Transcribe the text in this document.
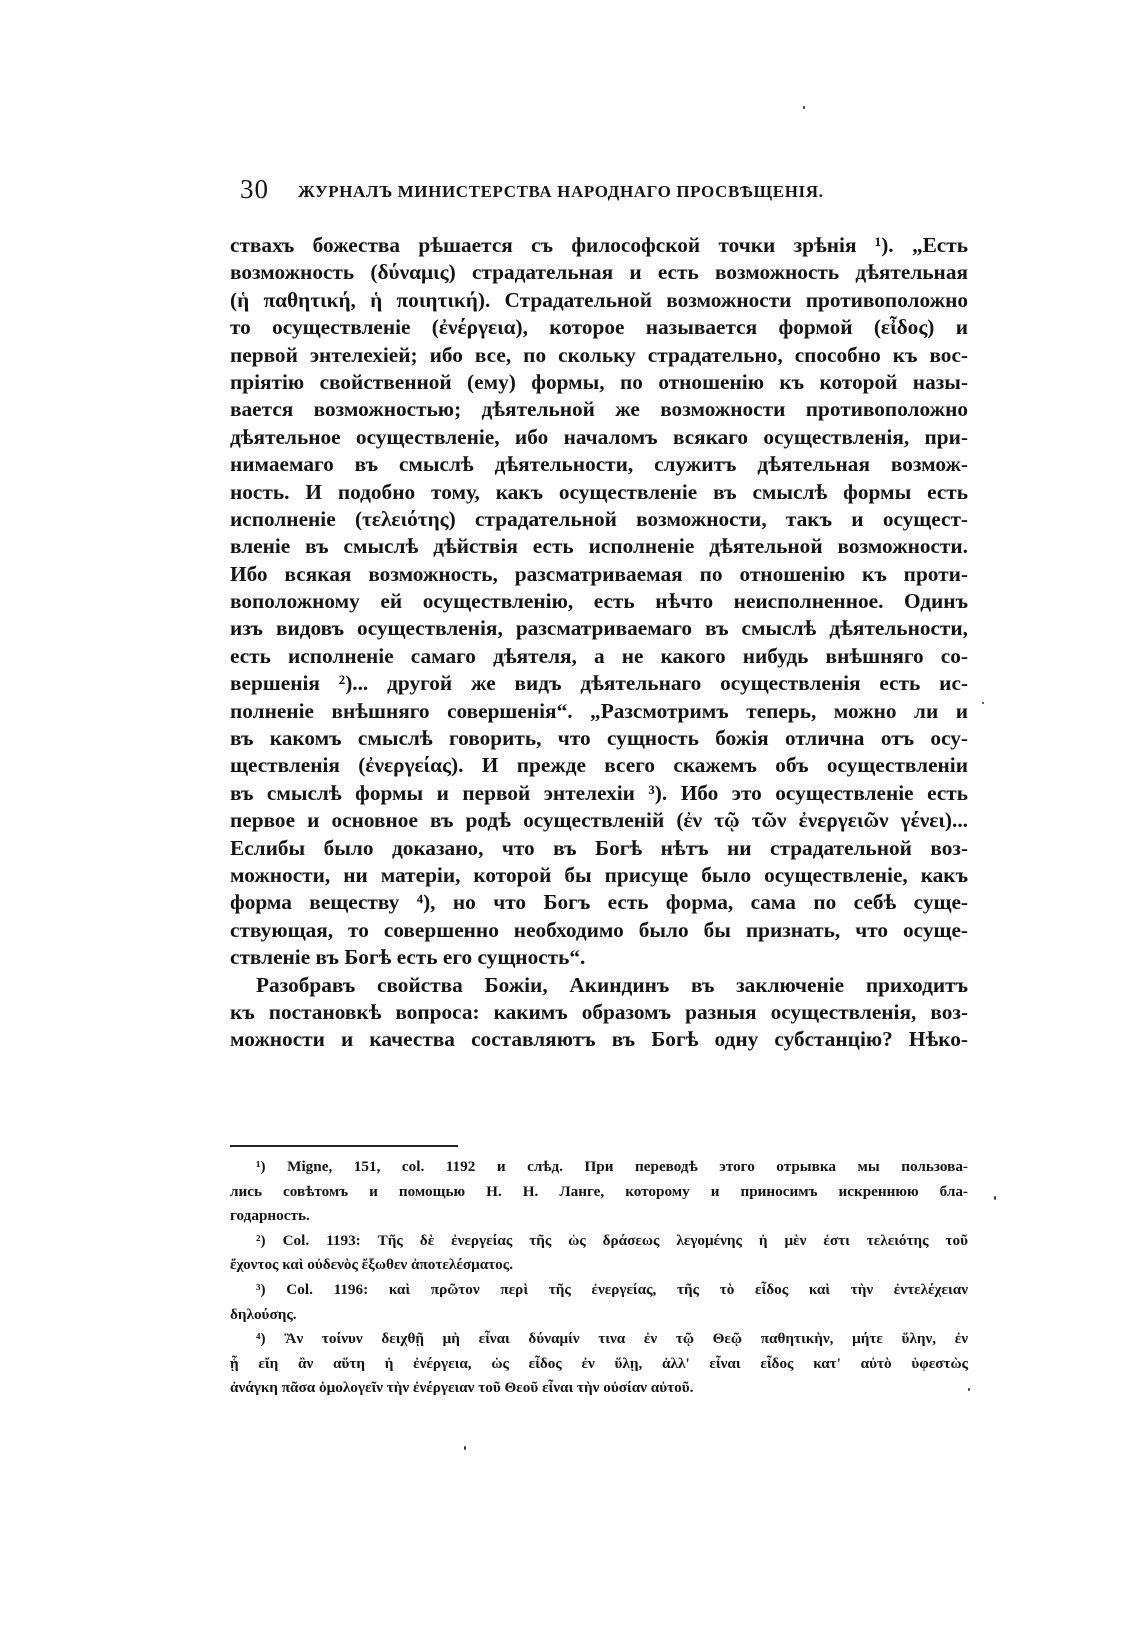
30 ЖУРНАЛЪ МИНИСТЕРСТВА НАРОДНАГО ПРОСВѢЩЕНІЯ.
ствахъ божества рѣшается съ философской точки зрѣнія ¹). „Есть
возможность (δύναμις) страдательная и есть возможность дѣятельная
(ἡ παθητική, ἡ ποιητική). Страдательной возможности противоположно
то осуществленіе (ἐνέργεια), которое называется формой (εἶδος) и
первой энтелехіей; ибо все, по скольку страдательно, способно къ вос-
пріятію свойственной (ему) формы, по отношенію къ которой назы-
вается возможностью; дѣятельной же возможности противоположно
дѣятельное осуществленіе, ибо началомъ всякаго осуществленія, при-
нимаемаго въ смыслѣ дѣятельности, служитъ дѣятельная возмож-
ность. И подобно тому, какъ осуществленіе въ смыслѣ формы есть
исполненіе (τελειότης) страдательной возможности, такъ и осущест-
вленіе въ смыслѣ дѣйствія есть исполненіе дѣятельной возможности.
Ибо всякая возможность, разсматриваемая по отношенію къ проти-
воположному ей осуществленію, есть нѣчто неисполненное. Одинъ
изъ видовъ осуществленія, разсматриваемаго въ смыслѣ дѣятельности,
есть исполненіе самаго дѣятеля, а не какого нибудь внѣшняго со-
вершенія ²)... другой же видъ дѣятельнаго осуществленія есть ис-
полненіе внѣшняго совершенія“. „Разсмотримъ теперь, можно ли и
въ какомъ смыслѣ говорить, что сущность божія отлична отъ осу-
ществленія (ἐνεργείας). И прежде всего скажемъ объ осуществленіи
въ смыслѣ формы и первой энтелехіи ³). Ибо это осуществленіе есть
первое и основное въ родѣ осуществленій (ἐν τῷ τῶν ἐνεργειῶν γένει)...
Еслибы было доказано, что въ Богѣ нѣтъ ни страдательной воз-
можности, ни матеріи, которой бы присуще было осуществленіе, какъ
форма веществу ⁴), но что Богъ есть форма, сама по себѣ суще-
ствующая, то совершенно необходимо было бы признать, что осуще-
ствленіе въ Богѣ есть его сущность“.
Разобравъ свойства Божіи, Акиндинъ въ заключеніе приходитъ
къ постановкѣ вопроса: какимъ образомъ разныя осуществленія, воз-
можности и качества составляютъ въ Богѣ одну субстанцію? Нѣко-
¹) Migne, 151, col. 1192 и слѣд. При переводѣ этого отрывка мы пользова-
лись совѣтомъ и помощью Н. Н. Ланге, которому и приносимъ искреннюю бла-
годарность.
²) Col. 1193: Τῆς δὲ ἐνεργείας τῆς ὡς δράσεως λεγομένης ἡ μὲν ἐστι τελειότης τοῦ
ἔχοντος καὶ οὐδενὸς ἔξωθεν ἀποτελέσματος.
³) Col. 1196: καὶ πρῶτον περὶ τῆς ἐνεργείας, τῆς τὸ εἶδος καὶ τὴν ἐντελέχειαν
δηλούσης.
⁴) Ἂν τοίνυν δειχθῇ μὴ εἶναι δύναμίν τινα ἐν τῷ Θεῷ παθητικὴν, μήτε ὕλην, ἐν
ᾗ εἴη ἂν αὕτη ἡ ἐνέργεια, ὡς εἶδος ἐν ὕλῃ, ἀλλ' εἶναι εἶδος κατ' αὐτὸ ὑφεστὼς
ἀνάγκη πᾶσα ὁμολογεῖν τὴν ἐνέργειαν τοῦ Θεοῦ εἶναι τὴν οὐσίαν αὐτοῦ.
